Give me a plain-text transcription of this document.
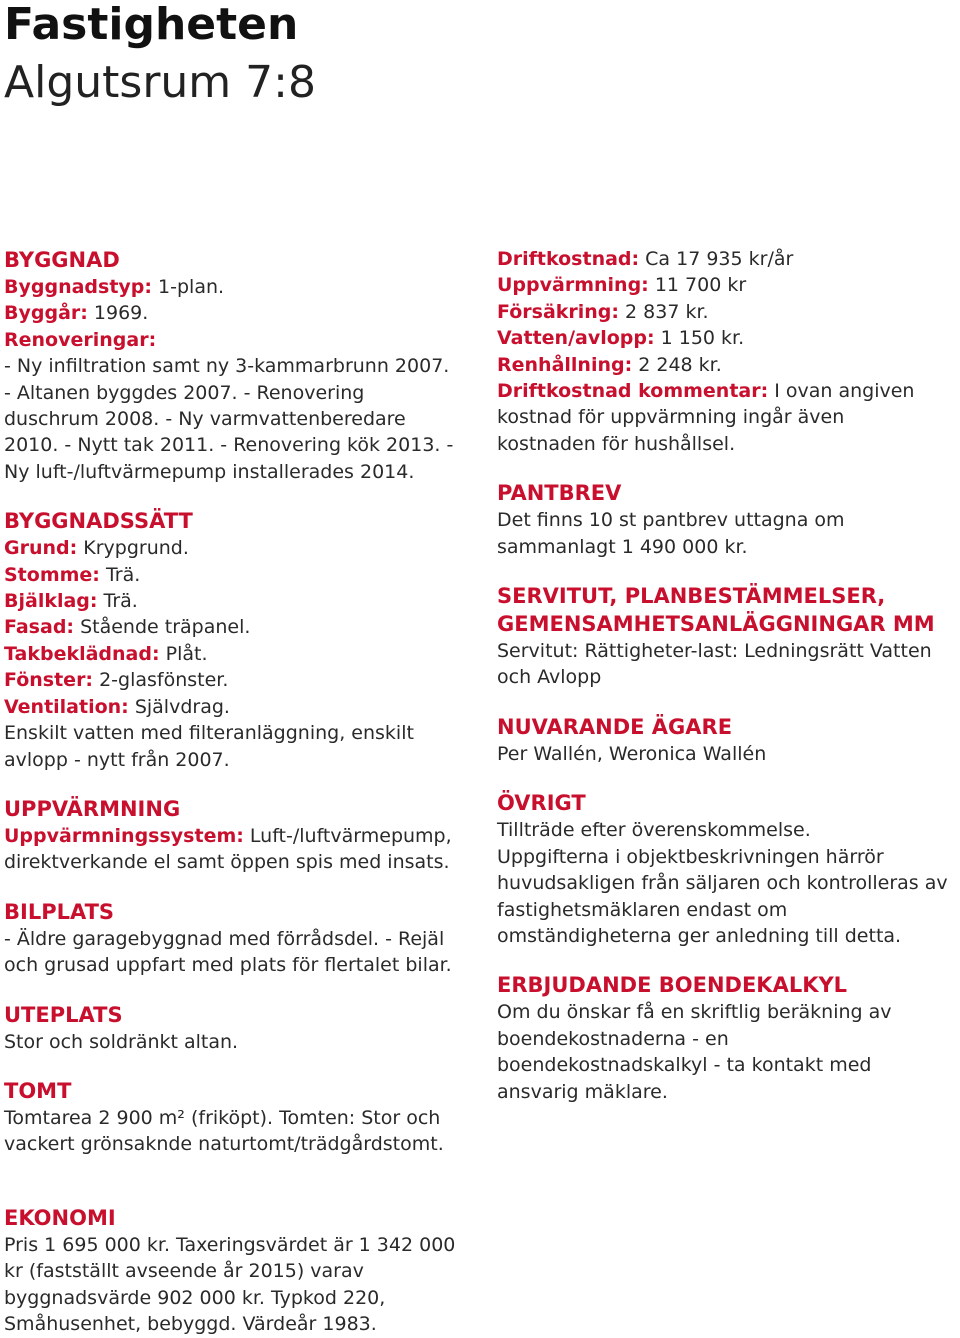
Fastigheten
Algutsrum 7:8
BYGGNAD
Byggnadstyp: 1-plan.
Byggår: 1969.
Renoveringar:
- Ny infiltration samt ny 3-kammarbrunn 2007.
- Altanen byggdes 2007. - Renovering
duschrum 2008. - Ny varmvattenberedare
2010. - Nytt tak 2011. - Renovering kök 2013. -
Ny luft-/luftvärmepump installerades 2014.
BYGGNADSSÄTT
Grund: Krypgrund.
Stomme: Trä.
Bjälklag: Trä.
Fasad: Stående träpanel.
Takbeklädnad: Plåt.
Fönster: 2-glasfönster.
Ventilation: Självdrag.
Enskilt vatten med filteranläggning, enskilt
avlopp - nytt från 2007.
UPPVÄRMNING
Uppvärmningssystem: Luft-/luftvärmepump,
direktverkande el samt öppen spis med insats.
BILPLATS
- Äldre garagebyggnad med förrådsdel. - Rejäl
och grusad uppfart med plats för flertalet bilar.
UTEPLATS
Stor och soldränkt altan.
TOMT
Tomtarea 2 900 m² (friköpt). Tomten: Stor och
vackert grönsaknde naturtomt/trädgårdstomt.
EKONOMI
Pris 1 695 000 kr. Taxeringsvärdet är 1 342 000
kr (fastställt avseende år 2015) varav
byggnadsvärde 902 000 kr. Typkod 220,
Småhusenhet, bebyggd. Värdeår 1983.
Driftkostnad: Ca 17 935 kr/år
Uppvärmning: 11 700 kr
Försäkring: 2 837 kr.
Vatten/avlopp: 1 150 kr.
Renhållning: 2 248 kr.
Driftkostnad kommentar: I ovan angiven
kostnad för uppvärmning ingår även
kostnaden för hushållsel.
PANTBREV
Det finns 10 st pantbrev uttagna om
sammanlagt 1 490 000 kr.
SERVITUT, PLANBESTÄMMELSER,
GEMENSAMHETSANLÄGGNINGAR MM
Servitut: Rättigheter-last: Ledningsrätt Vatten
och Avlopp
NUVARANDE ÄGARE
Per Wallén, Weronica Wallén
ÖVRIGT
Tillträde efter överenskommelse.
Uppgifterna i objektbeskrivningen härrör
huvudsakligen från säljaren och kontrolleras av
fastighetsmäklaren endast om
omständigheterna ger anledning till detta.
ERBJUDANDE BOENDEKALKYL
Om du önskar få en skriftlig beräkning av
boendekostnaderna - en
boendekostnadskalkyl - ta kontakt med
ansvarig mäklare.
